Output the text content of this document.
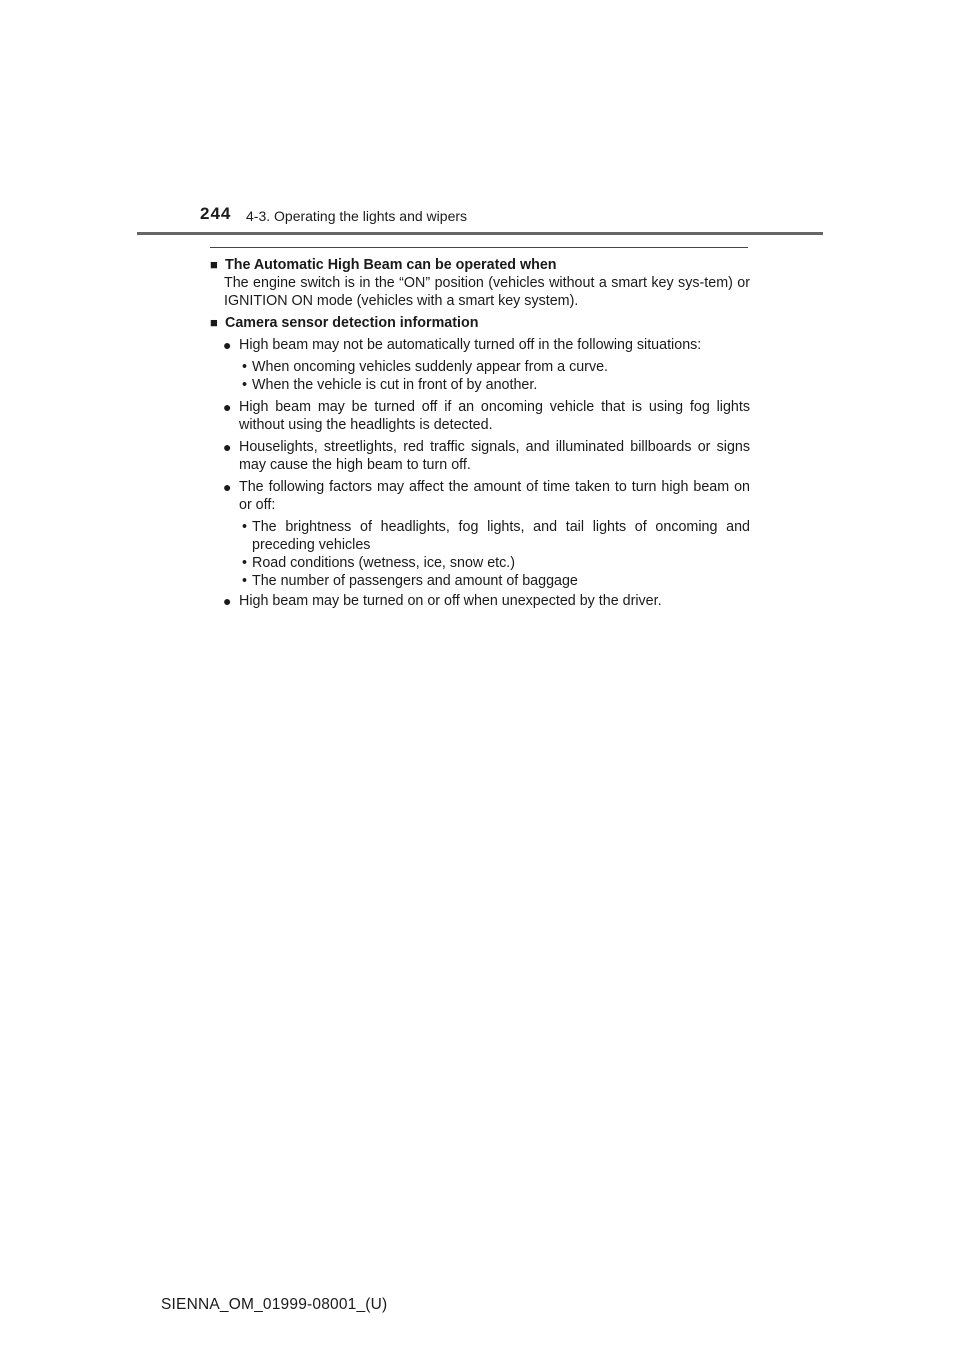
244 4-3. Operating the lights and wipers
■ The Automatic High Beam can be operated when
The engine switch is in the “ON” position (vehicles without a smart key sys-tem) or IGNITION ON mode (vehicles with a smart key system).
■ Camera sensor detection information
● High beam may not be automatically turned off in the following situations:
• When oncoming vehicles suddenly appear from a curve.
• When the vehicle is cut in front of by another.
● High beam may be turned off if an oncoming vehicle that is using fog lights without using the headlights is detected.
● Houselights, streetlights, red traffic signals, and illuminated billboards or signs may cause the high beam to turn off.
● The following factors may affect the amount of time taken to turn high beam on or off:
• The brightness of headlights, fog lights, and tail lights of oncoming and preceding vehicles
• Road conditions (wetness, ice, snow etc.)
• The number of passengers and amount of baggage
● High beam may be turned on or off when unexpected by the driver.
SIENNA_OM_01999-08001_(U)
